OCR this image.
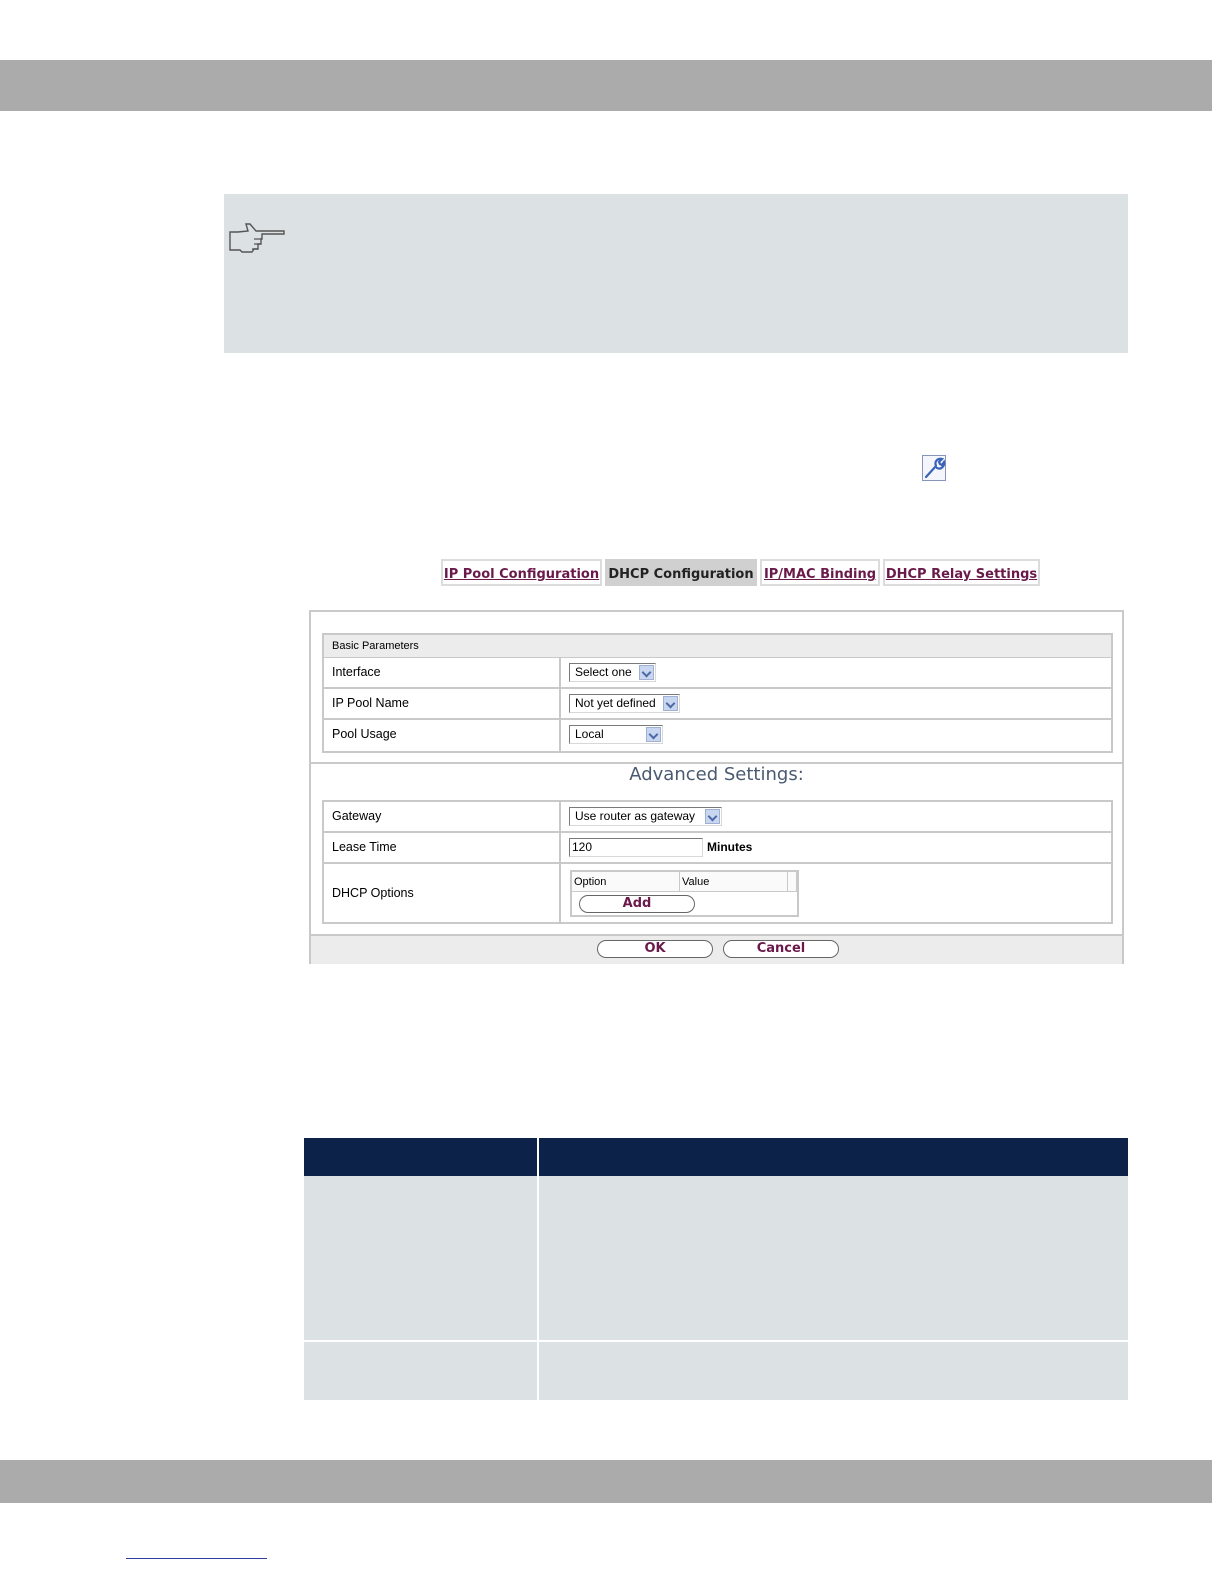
IP Pool Configuration DHCP Configuration IP/MAC Binding DHCP Relay Settings
Basic Parameters
Interface	Select one
IP Pool Name	Not yet defined
Pool Usage	Local
Advanced Settings:
Gateway	Use router as gateway
Lease Time	120	Minutes
DHCP Options
Option	Value
Add
OK	Cancel
